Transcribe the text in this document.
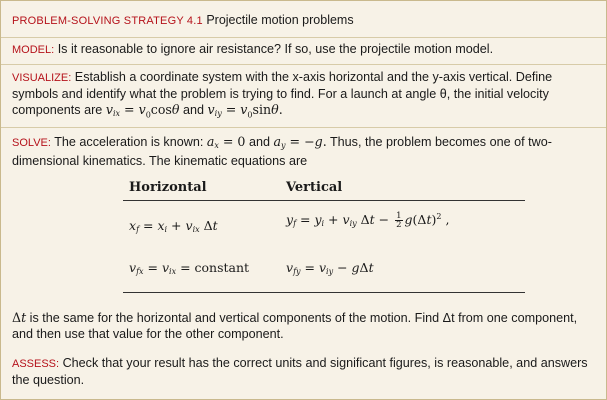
PROBLEM-SOLVING STRATEGY 4.1 Projectile motion problems
MODEL: Is it reasonable to ignore air resistance? If so, use the projectile motion model.
VISUALIZE: Establish a coordinate system with the x-axis horizontal and the y-axis vertical. Define symbols and identify what the problem is trying to find. For a launch at angle θ, the initial velocity components are $v_{ix} = v_0\cos\theta$ and $v_{iy} = v_0\sin\theta$.
SOLVE: The acceleration is known: $a_x = 0$ and $a_y = -g$. Thus, the problem becomes one of two-dimensional kinematics. The kinematic equations are
Horizontal	Vertical
$x_f = x_i + v_{ix}$ Δt	$y_f = y_i + v_{iy}$ $\Delta t - \frac{1}{2} g(\Delta t)^2$ ,
$v_{fx} = v_{ix}$ = constant	$v_{fy} = v_{iy} - g\Delta t$
Δt is the same for the horizontal and vertical components of the motion. Find Δt from one component, and then use that value for the other component.
ASSESS: Check that your result has the correct units and significant figures, is reasonable, and answers the question.
